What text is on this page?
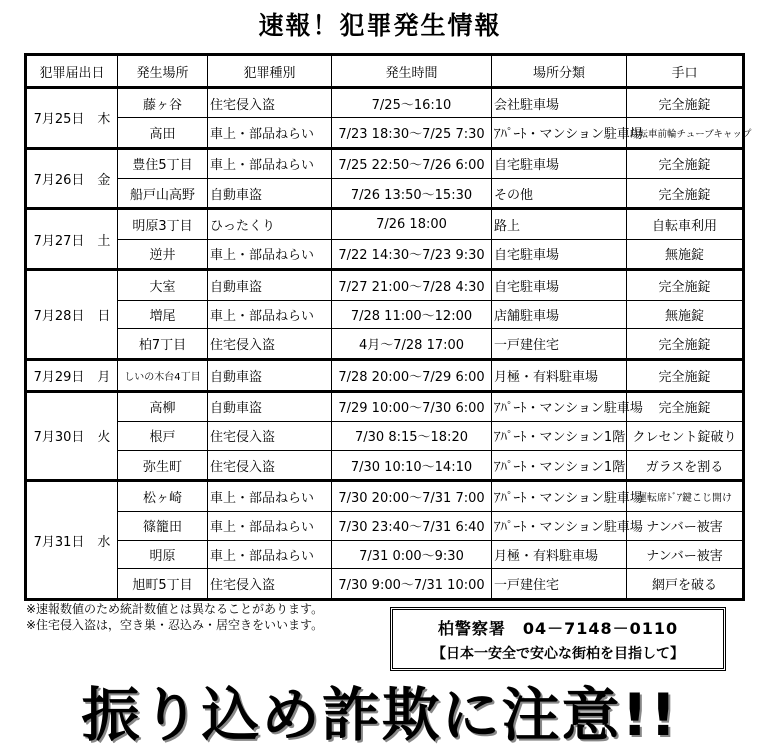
速報！犯罪発生情報
犯罪届出日	発生場所	犯罪種別	発生時間	場所分類	手口
7月25日　木	藤ヶ谷	住宅侵入盗	7/25～16:10	会社駐車場	完全施錠
	高田	車上・部品ねらい	7/23 18:30～7/25 7:30	ｱﾊﾟｰﾄ・マンション駐車場	自転車前輪チューブキャップ
7月26日　金	豊住5丁目	車上・部品ねらい	7/25 22:50～7/26 6:00	自宅駐車場	完全施錠
	船戸山高野	自動車盗	7/26 13:50～15:30	その他	完全施錠
7月27日　土	明原3丁目	ひったくり	7/26 18:00	路上	自転車利用
	逆井	車上・部品ねらい	7/22 14:30～7/23 9:30	自宅駐車場	無施錠
7月28日　日	大室	自動車盗	7/27 21:00～7/28 4:30	自宅駐車場	完全施錠
	増尾	車上・部品ねらい	7/28 11:00～12:00	店舗駐車場	無施錠
	柏7丁目	住宅侵入盗	4月～7/28 17:00	一戸建住宅	完全施錠
7月29日　月	しいの木台4丁目	自動車盗	7/28 20:00～7/29 6:00	月極・有料駐車場	完全施錠
7月30日　火	高柳	自動車盗	7/29 10:00～7/30 6:00	ｱﾊﾟｰﾄ・マンション駐車場	完全施錠
	根戸	住宅侵入盗	7/30 8:15～18:20	ｱﾊﾟｰﾄ・マンション1階	クレセント錠破り
	弥生町	住宅侵入盗	7/30 10:10～14:10	ｱﾊﾟｰﾄ・マンション1階	ガラスを割る
7月31日　水	松ヶ崎	車上・部品ねらい	7/30 20:00～7/31 7:00	ｱﾊﾟｰﾄ・マンション駐車場	運転席ﾄﾞｱ鍵こじ開け
	篠籠田	車上・部品ねらい	7/30 23:40～7/31 6:40	ｱﾊﾟｰﾄ・マンション駐車場	ナンバー被害
	明原	車上・部品ねらい	7/31 0:00～9:30	月極・有料駐車場	ナンバー被害
	旭町5丁目	住宅侵入盗	7/30 9:00～7/31 10:00	一戸建住宅	網戸を破る
※速報数値のため統計数値とは異なることがあります。
※住宅侵入盗は，空き巣・忍込み・居空きをいいます。	柏警察署　04－7148－0110
【日本一安全で安心な街柏を目指して】
振り込め詐欺に注意!!
